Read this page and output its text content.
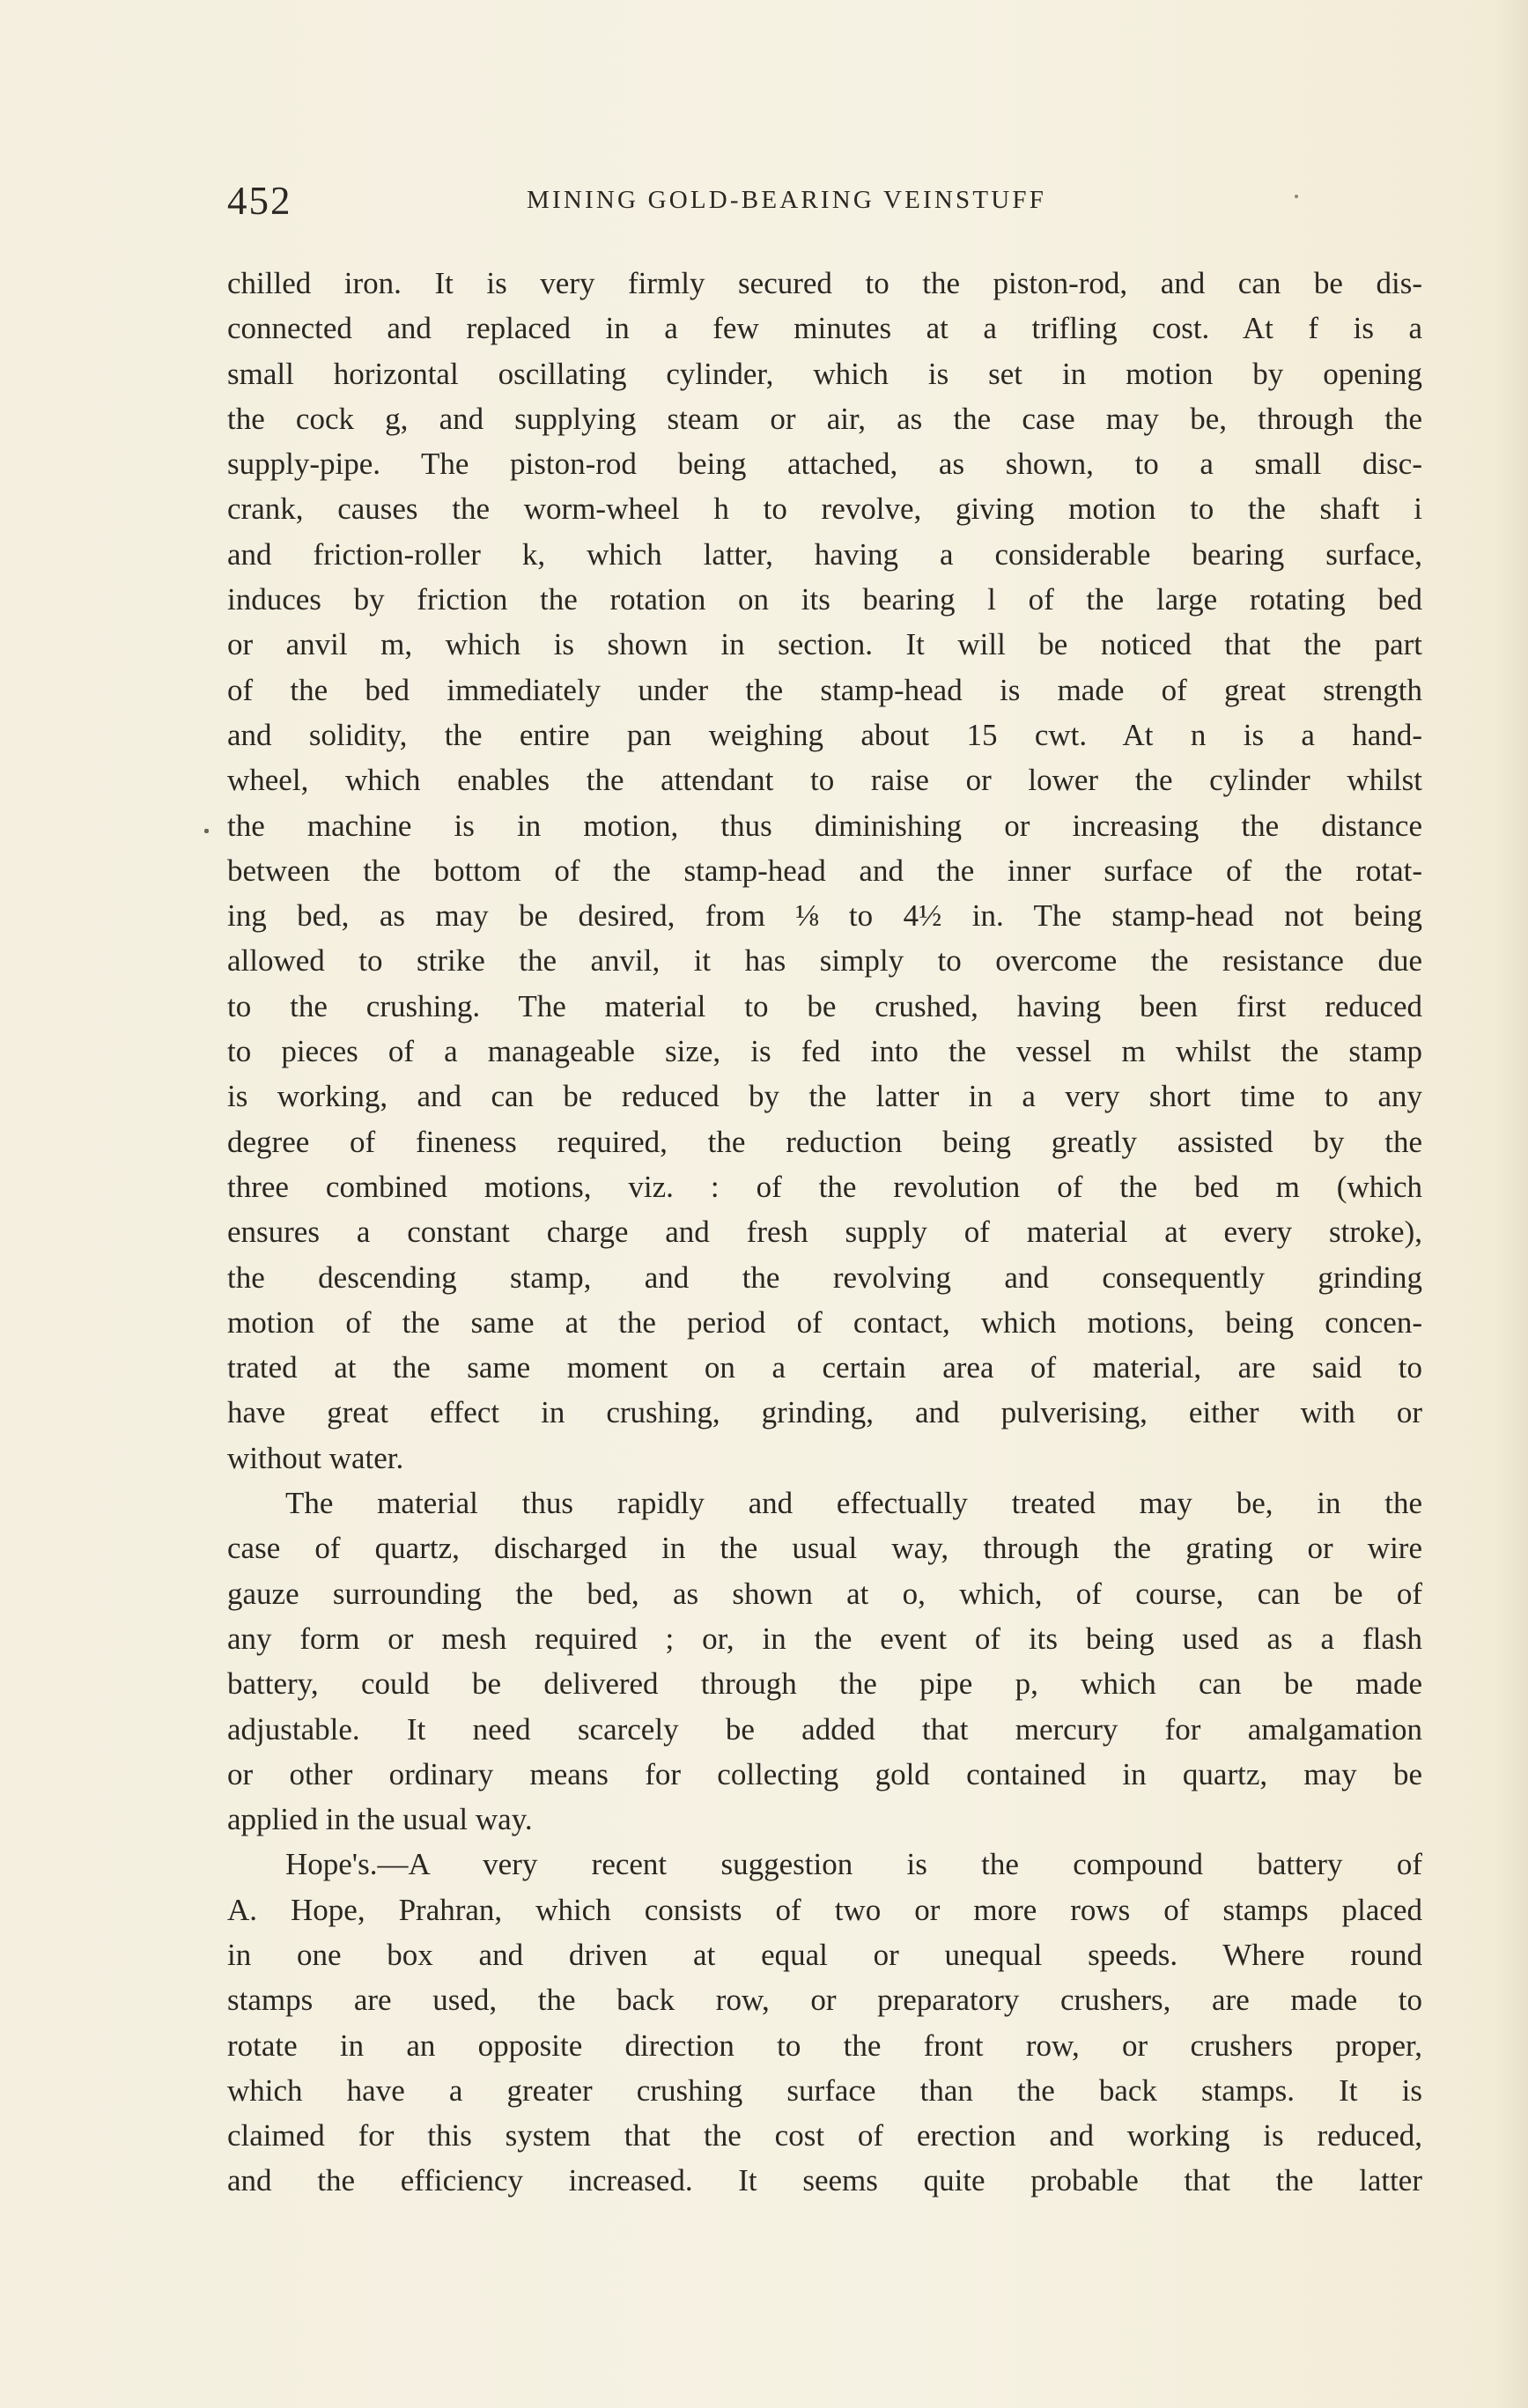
452	MINING GOLD-BEARING VEINSTUFF
chilled iron. It is very firmly secured to the piston-rod, and can be dis-
connected and replaced in a few minutes at a trifling cost. At f is a
small horizontal oscillating cylinder, which is set in motion by opening
the cock g, and supplying steam or air, as the case may be, through the
supply-pipe. The piston-rod being attached, as shown, to a small disc-
crank, causes the worm-wheel h to revolve, giving motion to the shaft i
and friction-roller k, which latter, having a considerable bearing surface,
induces by friction the rotation on its bearing l of the large rotating bed
or anvil m, which is shown in section. It will be noticed that the part
of the bed immediately under the stamp-head is made of great strength
and solidity, the entire pan weighing about 15 cwt. At n is a hand-
wheel, which enables the attendant to raise or lower the cylinder whilst
the machine is in motion, thus diminishing or increasing the distance
between the bottom of the stamp-head and the inner surface of the rotat-
ing bed, as may be desired, from ⅛ to 4½ in. The stamp-head not being
allowed to strike the anvil, it has simply to overcome the resistance due
to the crushing. The material to be crushed, having been first reduced
to pieces of a manageable size, is fed into the vessel m whilst the stamp
is working, and can be reduced by the latter in a very short time to any
degree of fineness required, the reduction being greatly assisted by the
three combined motions, viz. : of the revolution of the bed m (which
ensures a constant charge and fresh supply of material at every stroke),
the descending stamp, and the revolving and consequently grinding
motion of the same at the period of contact, which motions, being concen-
trated at the same moment on a certain area of material, are said to
have great effect in crushing, grinding, and pulverising, either with or
without water.
The material thus rapidly and effectually treated may be, in the
case of quartz, discharged in the usual way, through the grating or wire
gauze surrounding the bed, as shown at o, which, of course, can be of
any form or mesh required ; or, in the event of its being used as a flash
battery, could be delivered through the pipe p, which can be made
adjustable. It need scarcely be added that mercury for amalgamation
or other ordinary means for collecting gold contained in quartz, may be
applied in the usual way.
Hope's.—A very recent suggestion is the compound battery of
A. Hope, Prahran, which consists of two or more rows of stamps placed
in one box and driven at equal or unequal speeds. Where round
stamps are used, the back row, or preparatory crushers, are made to
rotate in an opposite direction to the front row, or crushers proper,
which have a greater crushing surface than the back stamps. It is
claimed for this system that the cost of erection and working is reduced,
and the efficiency increased. It seems quite probable that the latter
